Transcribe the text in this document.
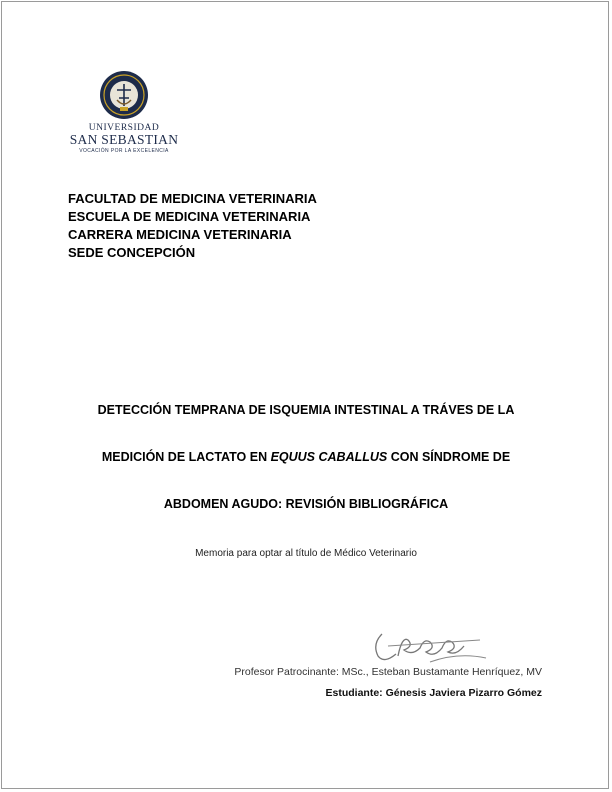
UNIVERSIDAD
SAN SEBASTIAN
VOCACIÓN POR LA EXCELENCIA
FACULTAD DE MEDICINA VETERINARIA
ESCUELA DE MEDICINA VETERINARIA
CARRERA MEDICINA VETERINARIA
SEDE CONCEPCIÓN
DETECCIÓN TEMPRANA DE ISQUEMIA INTESTINAL A TRÁVES DE LA
MEDICIÓN DE LACTATO EN EQUUS CABALLUS CON SÍNDROME DE
ABDOMEN AGUDO: REVISIÓN BIBLIOGRÁFICA
Memoria para optar al título de Médico Veterinario
Profesor Patrocinante: MSc., Esteban Bustamante Henríquez, MV
Estudiante: Génesis Javiera Pizarro Gómez
